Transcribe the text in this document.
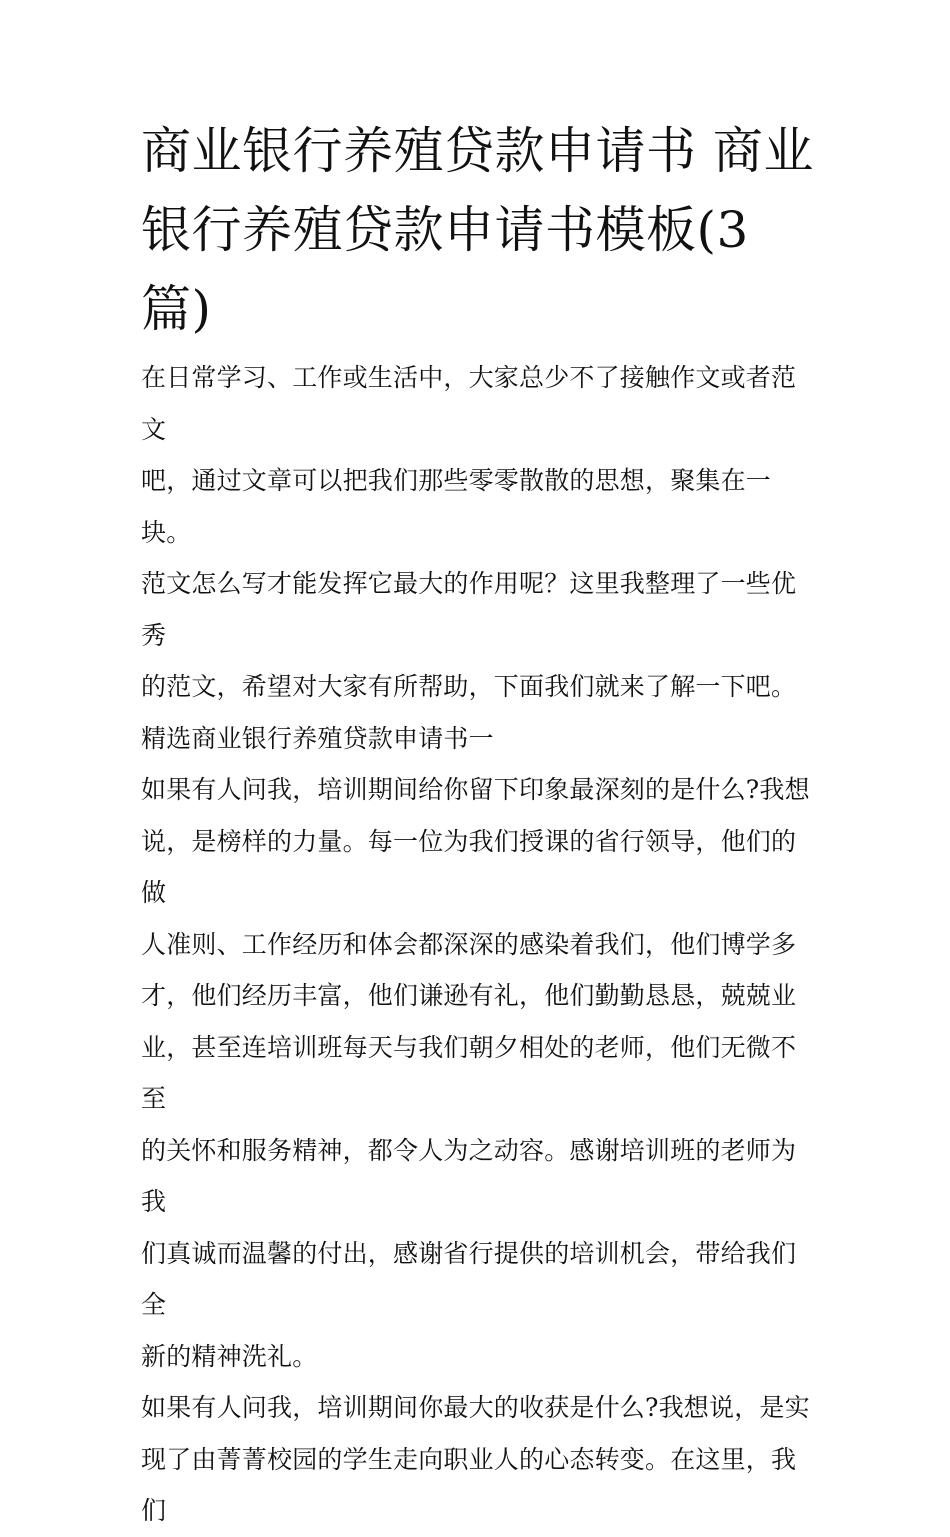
商业银行养殖贷款申请书 商业 银行养殖贷款申请书模板(3 篇)

在日常学习、工作或生活中，大家总少不了接触作文或者范文
吧，通过文章可以把我们那些零零散散的思想，聚集在一块。
范文怎么写才能发挥它最大的作用呢？这里我整理了一些优秀
的范文，希望对大家有所帮助，下面我们就来了解一下吧。

精选商业银行养殖贷款申请书一

如果有人问我，培训期间给你留下印象最深刻的是什么?我想
说，是榜样的力量。每一位为我们授课的省行领导，他们的做
人准则、工作经历和体会都深深的感染着我们，他们博学多
才，他们经历丰富，他们谦逊有礼，他们勤勤恳恳，兢兢业
业，甚至连培训班每天与我们朝夕相处的老师，他们无微不至
的关怀和服务精神，都令人为之动容。感谢培训班的老师为我
们真诚而温馨的付出，感谢省行提供的培训机会，带给我们全
新的精神洗礼。

如果有人问我，培训期间你最大的收获是什么?我想说，是实
现了由菁菁校园的学生走向职业人的心态转变。在这里，我们
